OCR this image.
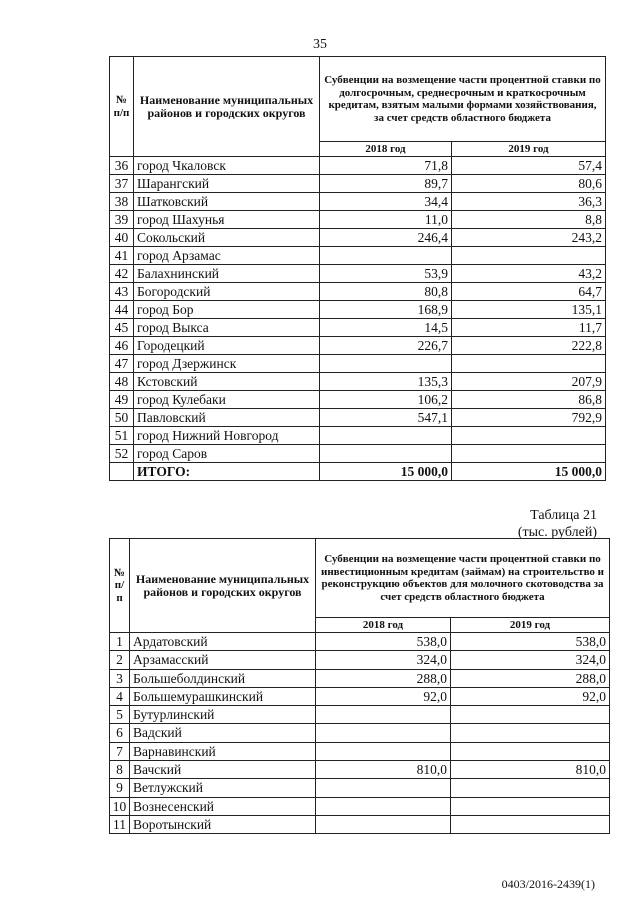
35
№ п/п	Наименование муниципальных районов и городских округов	Субвенции на возмещение части процентной ставки по долгосрочным, среднесрочным и краткосрочным кредитам, взятым малыми формами хозяйствования, за счет средств областного бюджета	
		2018 год	2019 год
36	город Чкаловск	71,8	57,4
37	Шарангский	89,7	80,6
38	Шатковский	34,4	36,3
39	город Шахунья	11,0	8,8
40	Сокольский	246,4	243,2
41	город Арзамас		
42	Балахнинский	53,9	43,2
43	Богородский	80,8	64,7
44	город Бор	168,9	135,1
45	город Выкса	14,5	11,7
46	Городецкий	226,7	222,8
47	город Дзержинск		
48	Кстовский	135,3	207,9
49	город Кулебаки	106,2	86,8
50	Павловский	547,1	792,9
51	город Нижний Новгород		
52	город Саров		
	ИТОГО:	15 000,0	15 000,0
Таблица 21
(тыс. рублей)
№ п/п	Наименование муниципальных районов и городских округов	Субвенции на возмещение части процентной ставки по инвестиционным кредитам (займам) на строительство и реконструкцию объектов для молочного скотоводства за счет средств областного бюджета	
		2018 год	2019 год
1	Ардатовский	538,0	538,0
2	Арзамасский	324,0	324,0
3	Большеболдинский	288,0	288,0
4	Большемурашкинский	92,0	92,0
5	Бутурлинский		
6	Вадский		
7	Варнавинский		
8	Вачский	810,0	810,0
9	Ветлужский		
10	Вознесенский		
11	Воротынский		
0403/2016-2439(1)
